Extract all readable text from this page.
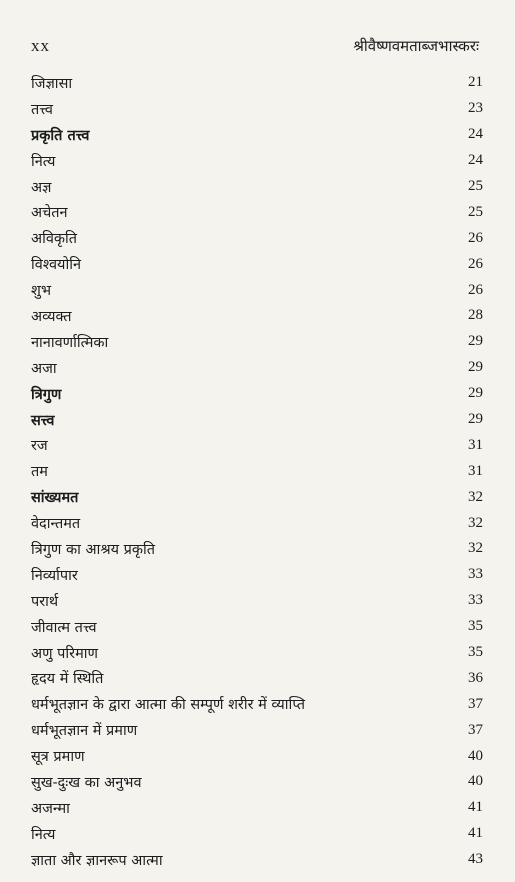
xx	श्रीवैष्णवमताब्जभास्करः
जिज्ञासा	21
तत्त्व	23
प्रकृति तत्त्व	24
नित्य	24
अज्ञ	25
अचेतन	25
अविकृति	26
विश्वयोनि	26
शुभ	26
अव्यक्त	28
नानावर्णात्मिका	29
अजा	29
त्रिगुण	29
सत्त्व	29
रज	31
तम	31
सांख्यमत	32
वेदान्तमत	32
त्रिगुण का आश्रय प्रकृति	32
निर्व्यापार	33
परार्थ	33
जीवात्म तत्त्व	35
अणु परिमाण	35
हृदय में स्थिति	36
धर्मभूतज्ञान के द्वारा आत्मा की सम्पूर्ण शरीर में व्याप्ति	37
धर्मभूतज्ञान में प्रमाण	37
सूत्र प्रमाण	40
सुख-दुःख का अनुभव	40
अजन्मा	41
नित्य	41
ज्ञाता और ज्ञानरूप आत्मा	43
